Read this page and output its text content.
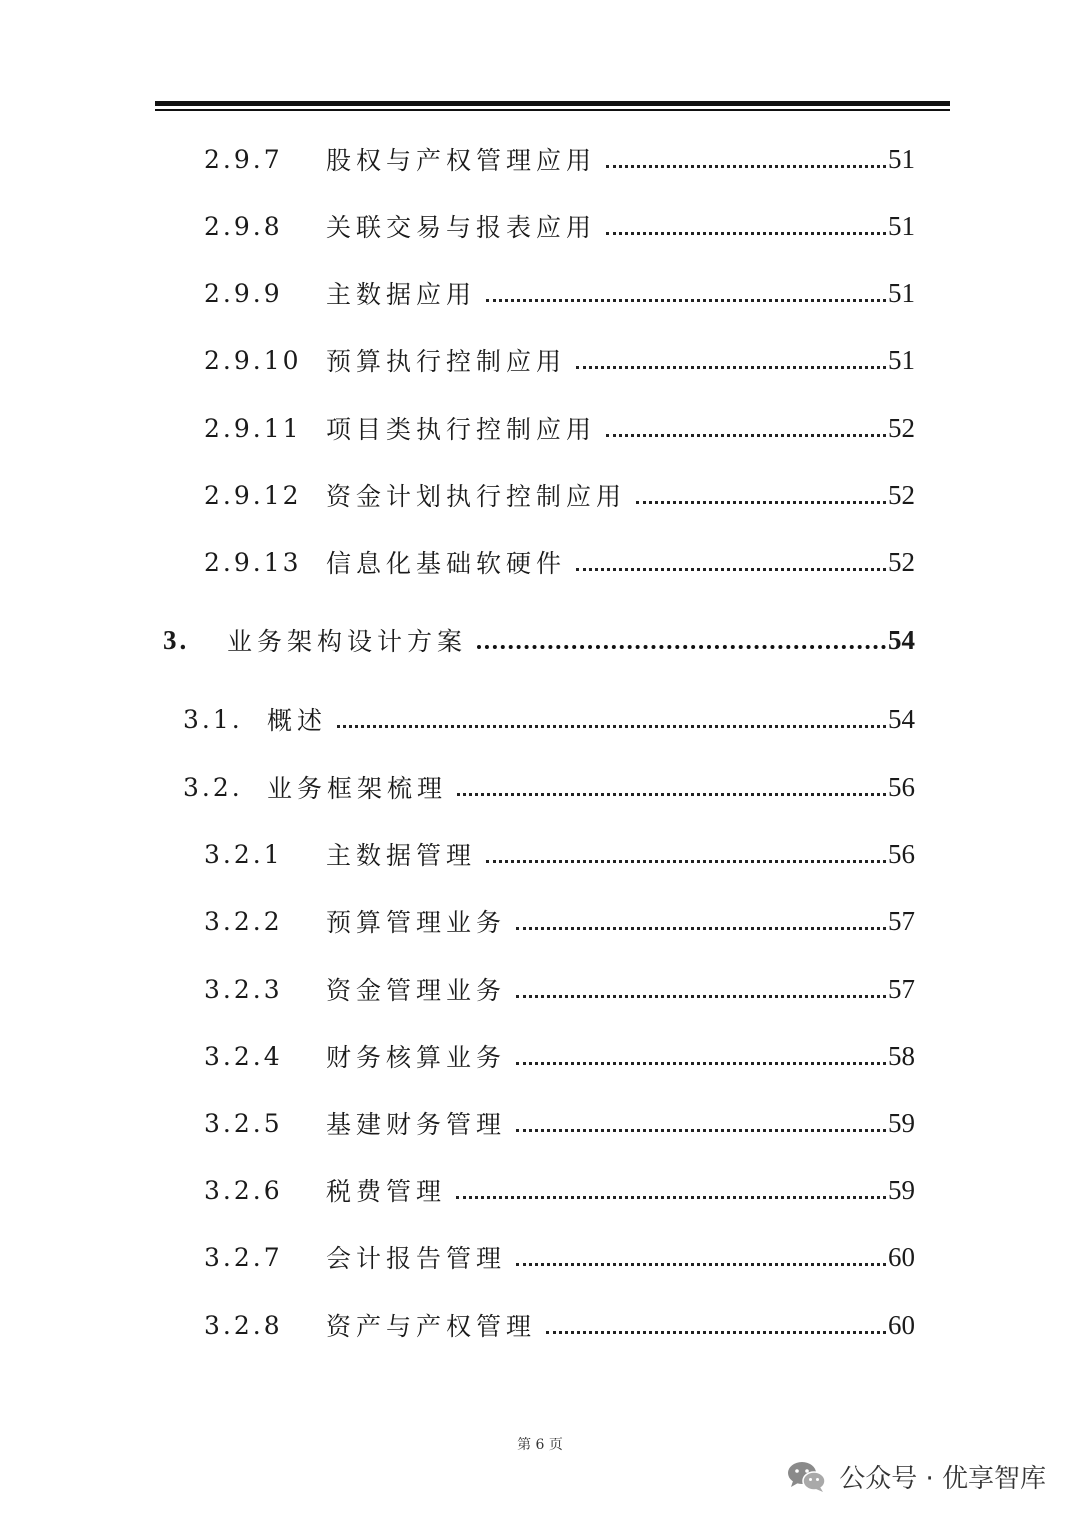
2.9.7	股权与产权管理应用	51
2.9.8	关联交易与报表应用	51
2.9.9	主数据应用	51
2.9.10 预算执行控制应用	51
2.9.11 项目类执行控制应用	52
2.9.12 资金计划执行控制应用	52
2.9.13 信息化基础软硬件	52
3.	业务架构设计方案	54
3.1. 概述	54
3.2. 业务框架梳理	56
3.2.1	主数据管理	56
3.2.2	预算管理业务	57
3.2.3	资金管理业务	57
3.2.4	财务核算业务	58
3.2.5	基建财务管理	59
3.2.6	税费管理	59
3.2.7	会计报告管理	60
3.2.8	资产与产权管理	60
第 6 页
公众号 · 优享智库
